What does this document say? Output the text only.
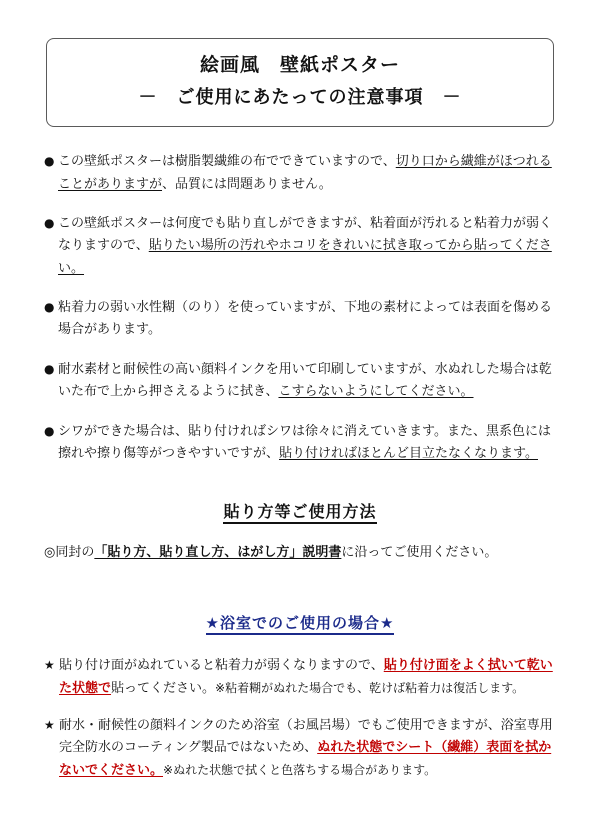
絵画風　壁紙ポスター
－　ご使用にあたっての注意事項　－
● この壁紙ポスターは樹脂製繊維の布でできていますので、切り口から繊維がほつれることがありますが、品質には問題ありません。
● この壁紙ポスターは何度でも貼り直しができますが、粘着面が汚れると粘着力が弱くなりますので、貼りたい場所の汚れやホコリをきれいに拭き取ってから貼ってください。
● 粘着力の弱い水性糊（のり）を使っていますが、下地の素材によっては表面を傷める場合があります。
● 耐水素材と耐候性の高い顔料インクを用いて印刷していますが、水ぬれした場合は乾いた布で上から押さえるように拭き、こすらないようにしてください。
● シワができた場合は、貼り付ければシワは徐々に消えていきます。また、黒系色には擦れや擦り傷等がつきやすいですが、貼り付ければほとんど目立たなくなります。
貼り方等ご使用方法
◎同封の「貼り方、貼り直し方、はがし方」説明書に沿ってご使用ください。
★浴室でのご使用の場合★
★ 貼り付け面がぬれていると粘着力が弱くなりますので、貼り付け面をよく拭いて乾いた状態で貼ってください。※粘着糊がぬれた場合でも、乾けば粘着力は復活します。
★ 耐水・耐候性の顔料インクのため浴室（お風呂場）でもご使用できますが、浴室専用完全防水のコーティング製品ではないため、ぬれた状態でシート（繊維）表面を拭かないでください。※ぬれた状態で拭くと色落ちする場合があります。
